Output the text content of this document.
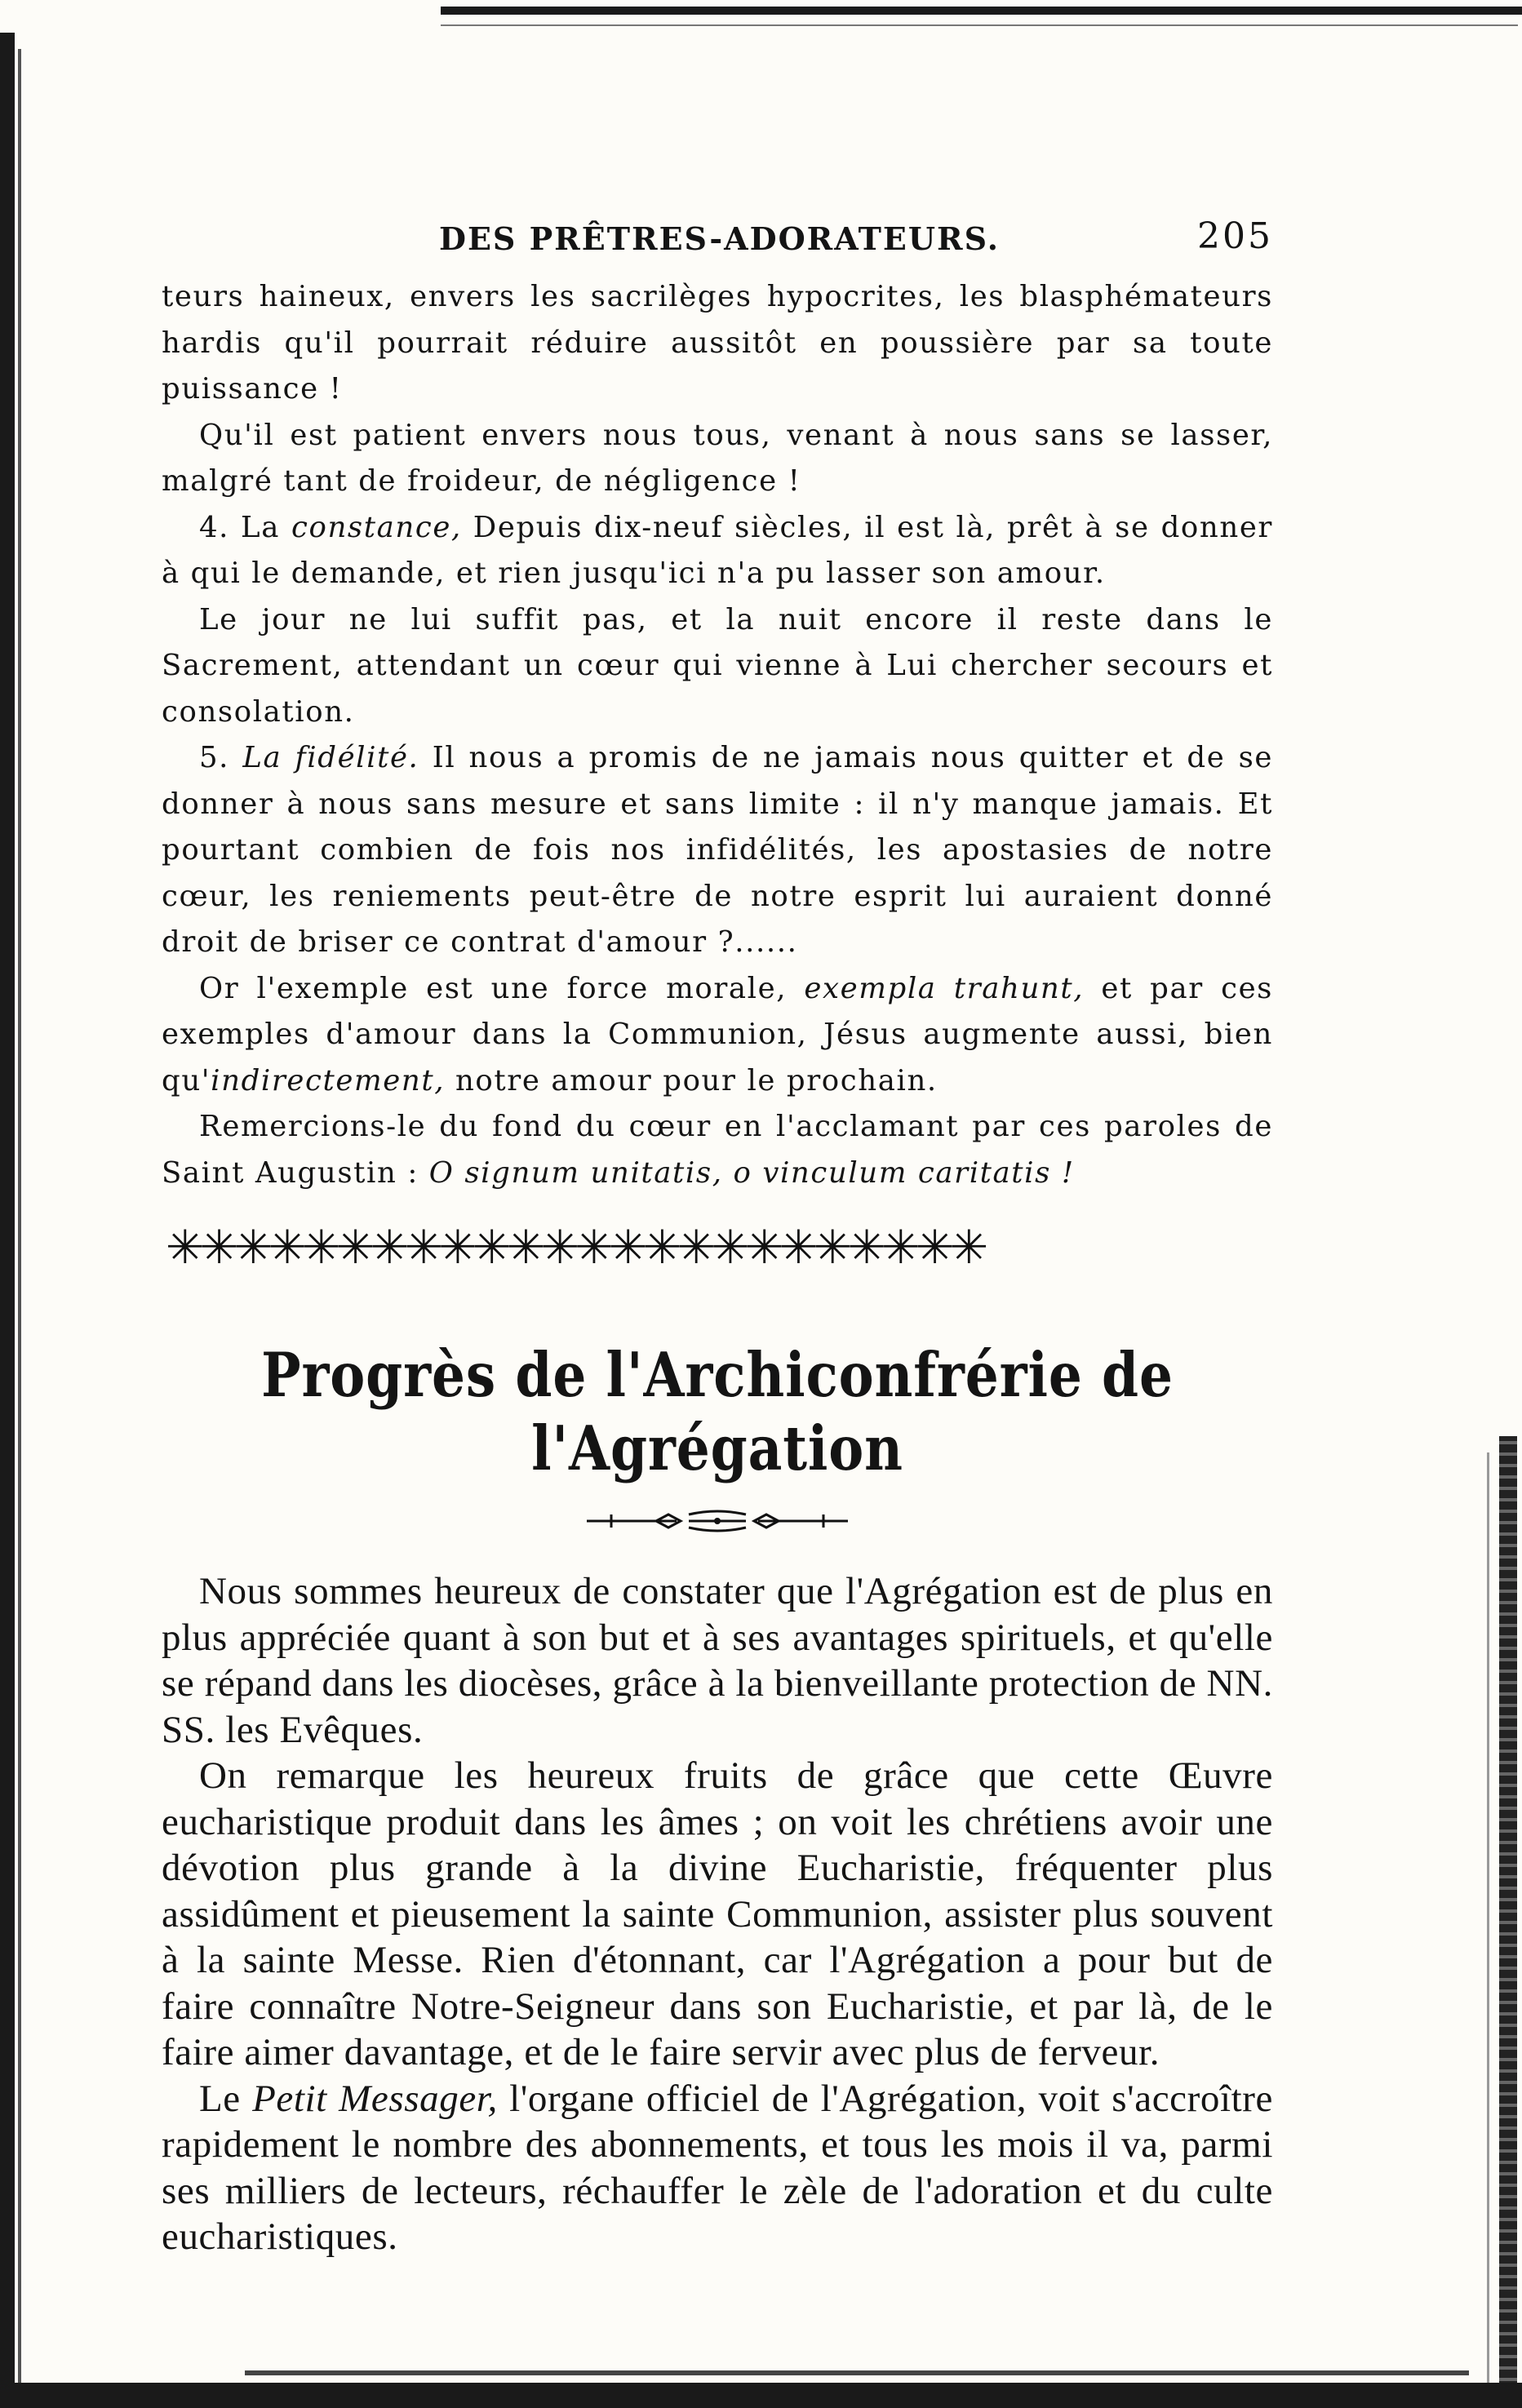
DES PRÊTRES-ADORATEURS.	205

teurs haineux, envers les sacrilèges hypocrites, les blasphémateurs hardis qu'il pourrait réduire aussitôt en poussière par sa toute puissance !

Qu'il est patient envers nous tous, venant à nous sans se lasser, malgré tant de froideur, de négligence !

4. La constance, Depuis dix-neuf siècles, il est là, prêt à se donner à qui le demande, et rien jusqu'ici n'a pu lasser son amour.

Le jour ne lui suffit pas, et la nuit encore il reste dans le Sacrement, attendant un cœur qui vienne à Lui chercher secours et consolation.

5. La fidélité. Il nous a promis de ne jamais nous quitter et de se donner à nous sans mesure et sans limite : il n'y manque jamais. Et pourtant combien de fois nos infidélités, les apostasies de notre cœur, les reniements peut-être de notre esprit lui auraient donné droit de briser ce contrat d'amour ?......

Or l'exemple est une force morale, exempla trahunt, et par ces exemples d'amour dans la Communion, Jésus augmente aussi, bien qu'indirectement, notre amour pour le prochain.

Remercions-le du fond du cœur en l'acclamant par ces paroles de Saint Augustin : O signum unitatis, o vinculum caritatis !

✳✳✳✳✳✳✳✳✳✳✳✳✳✳✳✳✳✳✳✳✳✳✳✳
Progrès de l'Archiconfrérie de l'Agrégation

Nous sommes heureux de constater que l'Agrégation est de plus en plus appréciée quant à son but et à ses avantages spirituels, et qu'elle se répand dans les diocèses, grâce à la bienveillante protection de NN. SS. les Evêques.

On remarque les heureux fruits de grâce que cette Œuvre eucharistique produit dans les âmes ; on voit les chrétiens avoir une dévotion plus grande à la divine Eucharistie, fréquenter plus assidûment et pieusement la sainte Communion, assister plus souvent à la sainte Messe. Rien d'étonnant, car l'Agrégation a pour but de faire connaître Notre-Seigneur dans son Eucharistie, et par là, de le faire aimer davantage, et de le faire servir avec plus de ferveur.

Le Petit Messager, l'organe officiel de l'Agrégation, voit s'accroître rapidement le nombre des abonnements, et tous les mois il va, parmi ses milliers de lecteurs, réchauffer le zèle de l'adoration et du culte eucharistiques.
